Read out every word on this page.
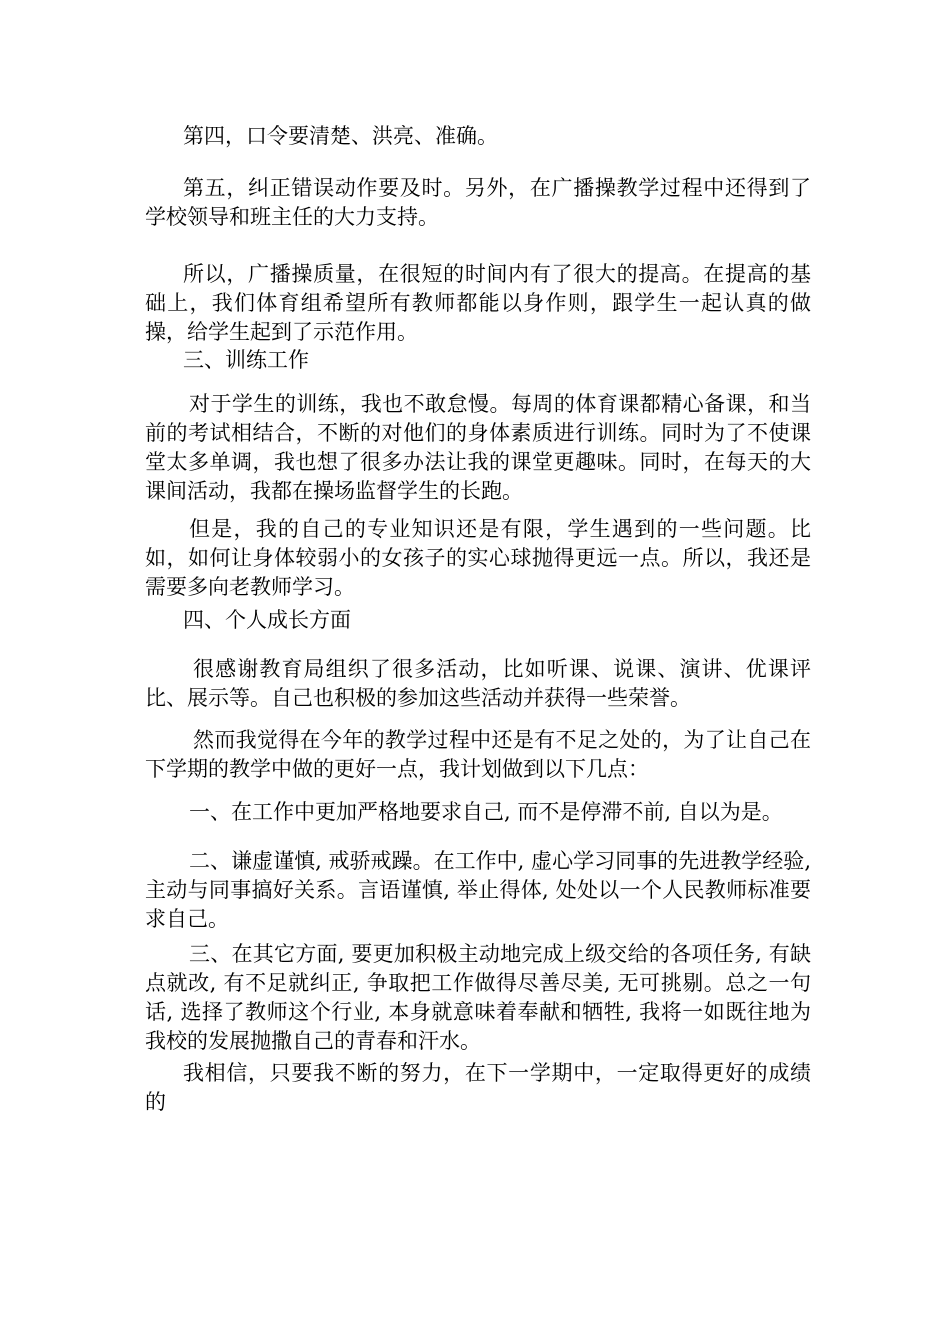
第四，口令要清楚、洪亮、准确。

第五，纠正错误动作要及时。另外，在广播操教学过程中还得到了学校领导和班主任的大力支持。

所以，广播操质量，在很短的时间内有了很大的提高。在提高的基础上，我们体育组希望所有教师都能以身作则，跟学生一起认真的做操，给学生起到了示范作用。

三、训练工作

对于学生的训练，我也不敢怠慢。每周的体育课都精心备课，和当前的考试相结合，不断的对他们的身体素质进行训练。同时为了不使课堂太多单调，我也想了很多办法让我的课堂更趣味。同时，在每天的大课间活动，我都在操场监督学生的长跑。

但是，我的自己的专业知识还是有限，学生遇到的一些问题。比如，如何让身体较弱小的女孩子的实心球抛得更远一点。所以，我还是需要多向老教师学习。

四、个人成长方面

很感谢教育局组织了很多活动，比如听课、说课、演讲、优课评比、展示等。自己也积极的参加这些活动并获得一些荣誉。

然而我觉得在今年的教学过程中还是有不足之处的，为了让自己在下学期的教学中做的更好一点，我计划做到以下几点：

一、在工作中更加严格地要求自己, 而不是停滞不前, 自以为是。

二、谦虚谨慎, 戒骄戒躁。在工作中, 虚心学习同事的先进教学经验, 主动与同事搞好关系。言语谨慎, 举止得体, 处处以一个人民教师标准要求自己。

三、在其它方面, 要更加积极主动地完成上级交给的各项任务, 有缺点就改, 有不足就纠正, 争取把工作做得尽善尽美, 无可挑剔。总之一句话, 选择了教师这个行业, 本身就意味着奉献和牺牲, 我将一如既往地为我校的发展抛撒自己的青春和汗水。

我相信，只要我不断的努力，在下一学期中，一定取得更好的成绩的
